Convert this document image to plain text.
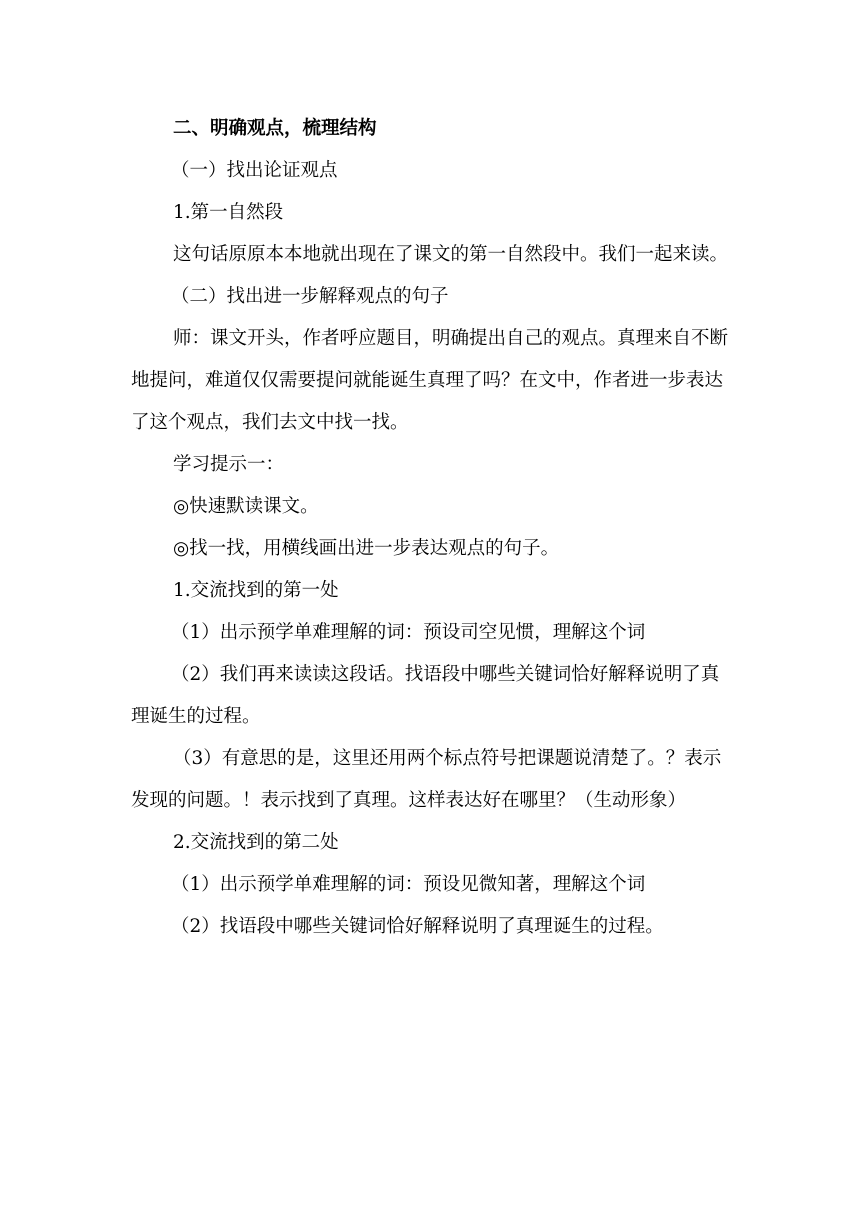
二、明确观点，梳理结构

（一）找出论证观点

1.第一自然段

这句话原原本本地就出现在了课文的第一自然段中。我们一起来读。

（二）找出进一步解释观点的句子

师：课文开头，作者呼应题目，明确提出自己的观点。真理来自不断地提问，难道仅仅需要提问就能诞生真理了吗？在文中，作者进一步表达了这个观点，我们去文中找一找。

学习提示一：

◎快速默读课文。

◎找一找，用横线画出进一步表达观点的句子。

1.交流找到的第一处

（1）出示预学单难理解的词：预设司空见惯，理解这个词

（2）我们再来读读这段话。找语段中哪些关键词恰好解释说明了真理诞生的过程。

（3）有意思的是，这里还用两个标点符号把课题说清楚了。？表示发现的问题。！表示找到了真理。这样表达好在哪里？（生动形象）

2.交流找到的第二处

（1）出示预学单难理解的词：预设见微知著，理解这个词

（2）找语段中哪些关键词恰好解释说明了真理诞生的过程。
